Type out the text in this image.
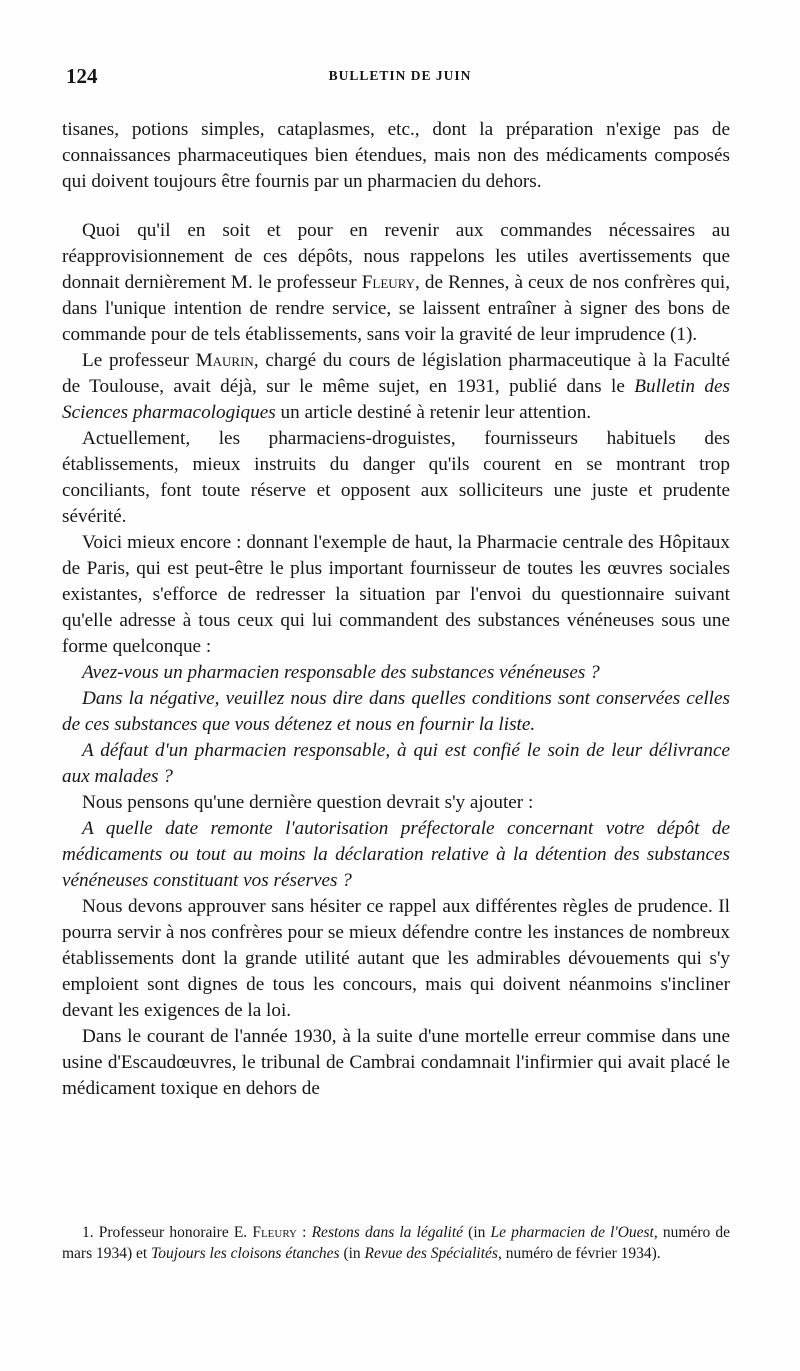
124	BULLETIN DE JUIN

tisanes, potions simples, cataplasmes, etc., dont la préparation n'exige pas de connaissances pharmaceutiques bien étendues, mais non des médicaments composés qui doivent toujours être fournis par un pharmacien du dehors.

Quoi qu'il en soit et pour en revenir aux commandes nécessaires au réapprovisionnement de ces dépôts, nous rappelons les utiles avertissements que donnait dernièrement M. le professeur Fleury, de Rennes, à ceux de nos confrères qui, dans l'unique intention de rendre service, se laissent entraîner à signer des bons de commande pour de tels établissements, sans voir la gravité de leur imprudence (1).

Le professeur Maurin, chargé du cours de législation pharmaceutique à la Faculté de Toulouse, avait déjà, sur le même sujet, en 1931, publié dans le Bulletin des Sciences pharmacologiques un article destiné à retenir leur attention.

Actuellement, les pharmaciens-droguistes, fournisseurs habituels des établissements, mieux instruits du danger qu'ils courent en se montrant trop conciliants, font toute réserve et opposent aux solliciteurs une juste et prudente sévérité.

Voici mieux encore : donnant l'exemple de haut, la Pharmacie centrale des Hôpitaux de Paris, qui est peut-être le plus important fournisseur de toutes les œuvres sociales existantes, s'efforce de redresser la situation par l'envoi du questionnaire suivant qu'elle adresse à tous ceux qui lui commandent des substances vénéneuses sous une forme quelconque :

Avez-vous un pharmacien responsable des substances vénéneuses ?

Dans la négative, veuillez nous dire dans quelles conditions sont conservées celles de ces substances que vous détenez et nous en fournir la liste.

A défaut d'un pharmacien responsable, à qui est confié le soin de leur délivrance aux malades ?

Nous pensons qu'une dernière question devrait s'y ajouter :

A quelle date remonte l'autorisation préfectorale concernant votre dépôt de médicaments ou tout au moins la déclaration relative à la détention des substances vénéneuses constituant vos réserves ?

Nous devons approuver sans hésiter ce rappel aux différentes règles de prudence. Il pourra servir à nos confrères pour se mieux défendre contre les instances de nombreux établissements dont la grande utilité autant que les admirables dévouements qui s'y emploient sont dignes de tous les concours, mais qui doivent néanmoins s'incliner devant les exigences de la loi.

Dans le courant de l'année 1930, à la suite d'une mortelle erreur commise dans une usine d'Escaudœuvres, le tribunal de Cambrai condamnait l'infirmier qui avait placé le médicament toxique en dehors de

1. Professeur honoraire E. Fleury : Restons dans la légalité (in Le pharmacien de l'Ouest, numéro de mars 1934) et Toujours les cloisons étanches (in Revue des Spécialités, numéro de février 1934).
